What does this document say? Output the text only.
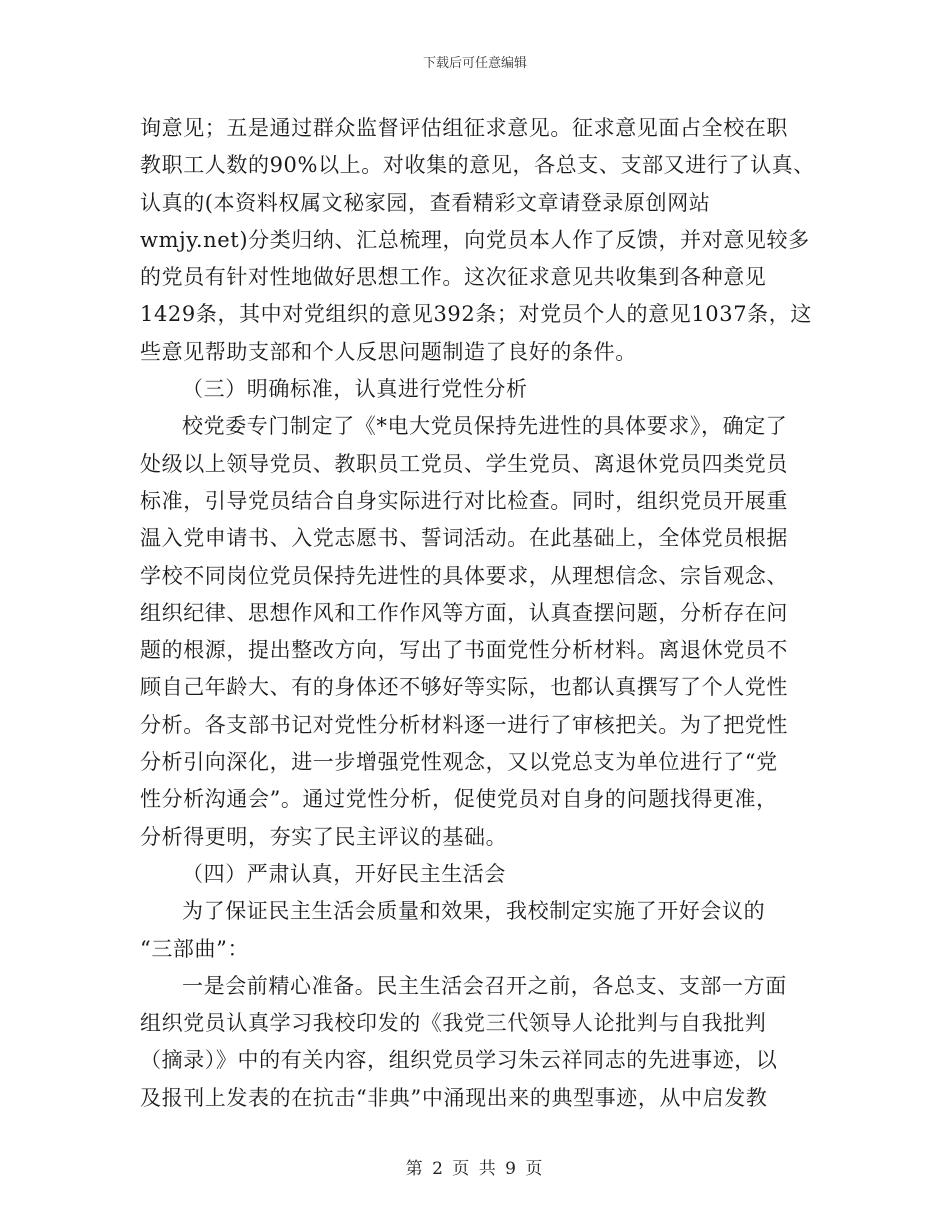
下载后可任意编辑
询意见；五是通过群众监督评估组征求意见。征求意见面占全校在职
教职工人数的90%以上。对收集的意见，各总支、支部又进行了认真、
认真的(本资料权属文秘家园，查看精彩文章请登录原创网站
wmjy.net)分类归纳、汇总梳理，向党员本人作了反馈，并对意见较多
的党员有针对性地做好思想工作。这次征求意见共收集到各种意见
1429条，其中对党组织的意见392条；对党员个人的意见1037条，这
些意见帮助支部和个人反思问题制造了良好的条件。
（三）明确标准，认真进行党性分析
校党委专门制定了《*电大党员保持先进性的具体要求》，确定了
处级以上领导党员、教职员工党员、学生党员、离退休党员四类党员
标准，引导党员结合自身实际进行对比检查。同时，组织党员开展重
温入党申请书、入党志愿书、誓词活动。在此基础上，全体党员根据
学校不同岗位党员保持先进性的具体要求，从理想信念、宗旨观念、
组织纪律、思想作风和工作作风等方面，认真查摆问题，分析存在问
题的根源，提出整改方向，写出了书面党性分析材料。离退休党员不
顾自己年龄大、有的身体还不够好等实际，也都认真撰写了个人党性
分析。各支部书记对党性分析材料逐一进行了审核把关。为了把党性
分析引向深化，进一步增强党性观念，又以党总支为单位进行了“党
性分析沟通会”。通过党性分析，促使党员对自身的问题找得更准，
分析得更明，夯实了民主评议的基础。
（四）严肃认真，开好民主生活会
为了保证民主生活会质量和效果，我校制定实施了开好会议的
“三部曲”：
一是会前精心准备。民主生活会召开之前，各总支、支部一方面
组织党员认真学习我校印发的《我党三代领导人论批判与自我批判
（摘录）》中的有关内容，组织党员学习朱云祥同志的先进事迹，以
及报刊上发表的在抗击“非典”中涌现出来的典型事迹，从中启发教
第 2 页 共 9 页
